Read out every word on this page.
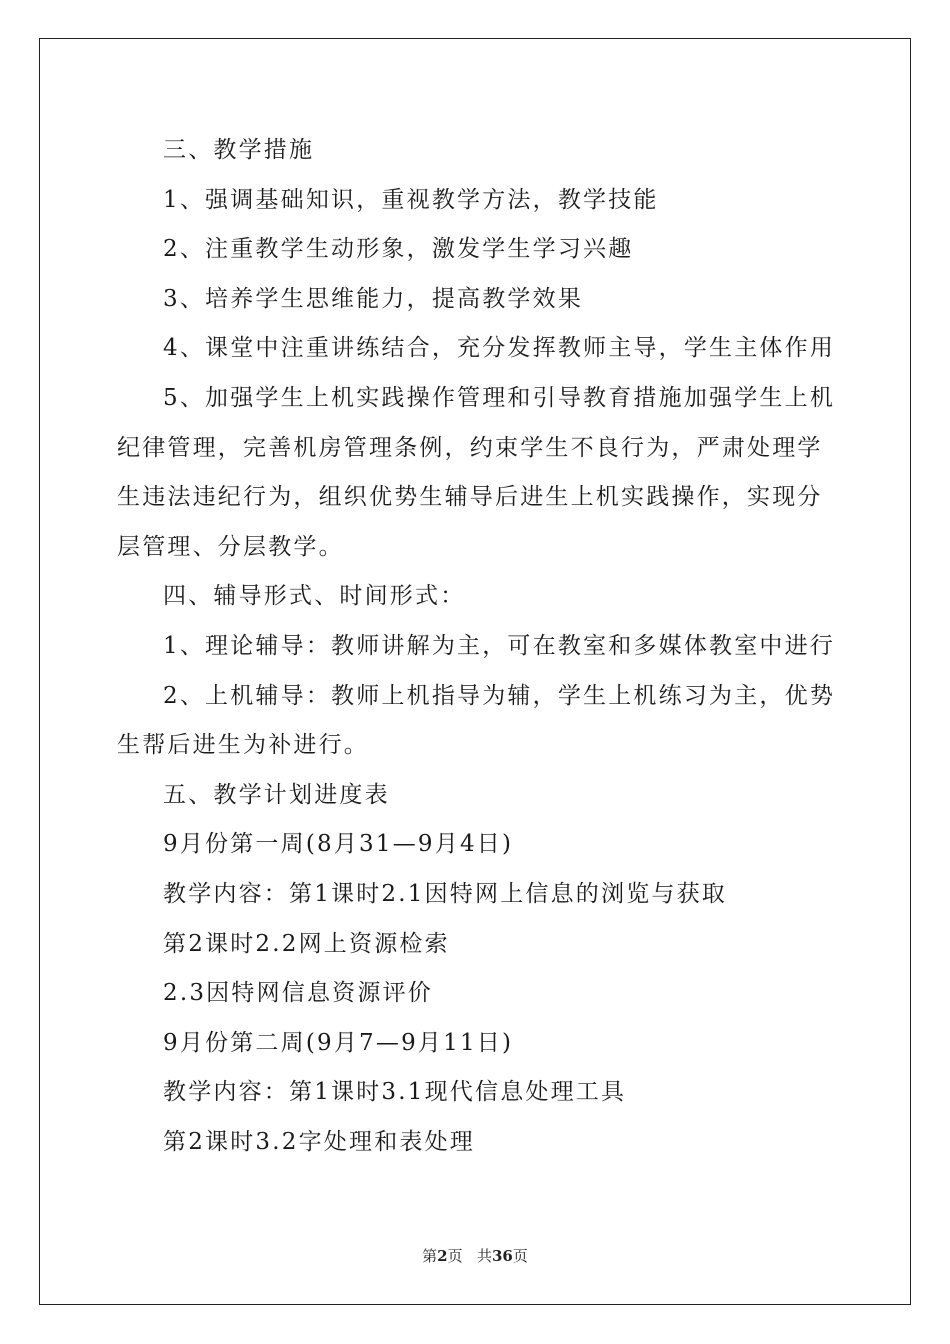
三、教学措施

1、强调基础知识，重视教学方法，教学技能

2、注重教学生动形象，激发学生学习兴趣

3、培养学生思维能力，提高教学效果

4、课堂中注重讲练结合，充分发挥教师主导，学生主体作用

5、加强学生上机实践操作管理和引导教育措施加强学生上机纪律管理，完善机房管理条例，约束学生不良行为，严肃处理学生违法违纪行为，组织优势生辅导后进生上机实践操作，实现分层管理、分层教学。

四、辅导形式、时间形式：

1、理论辅导：教师讲解为主，可在教室和多媒体教室中进行

2、上机辅导：教师上机指导为辅，学生上机练习为主，优势生帮后进生为补进行。

五、教学计划进度表

9月份第一周(8月31—9月4日)

教学内容：第1课时2.1因特网上信息的浏览与获取

第2课时2.2网上资源检索

2.3因特网信息资源评价

9月份第二周(9月7—9月11日)

教学内容：第1课时3.1现代信息处理工具

第2课时3.2字处理和表处理

第2页 共36页
